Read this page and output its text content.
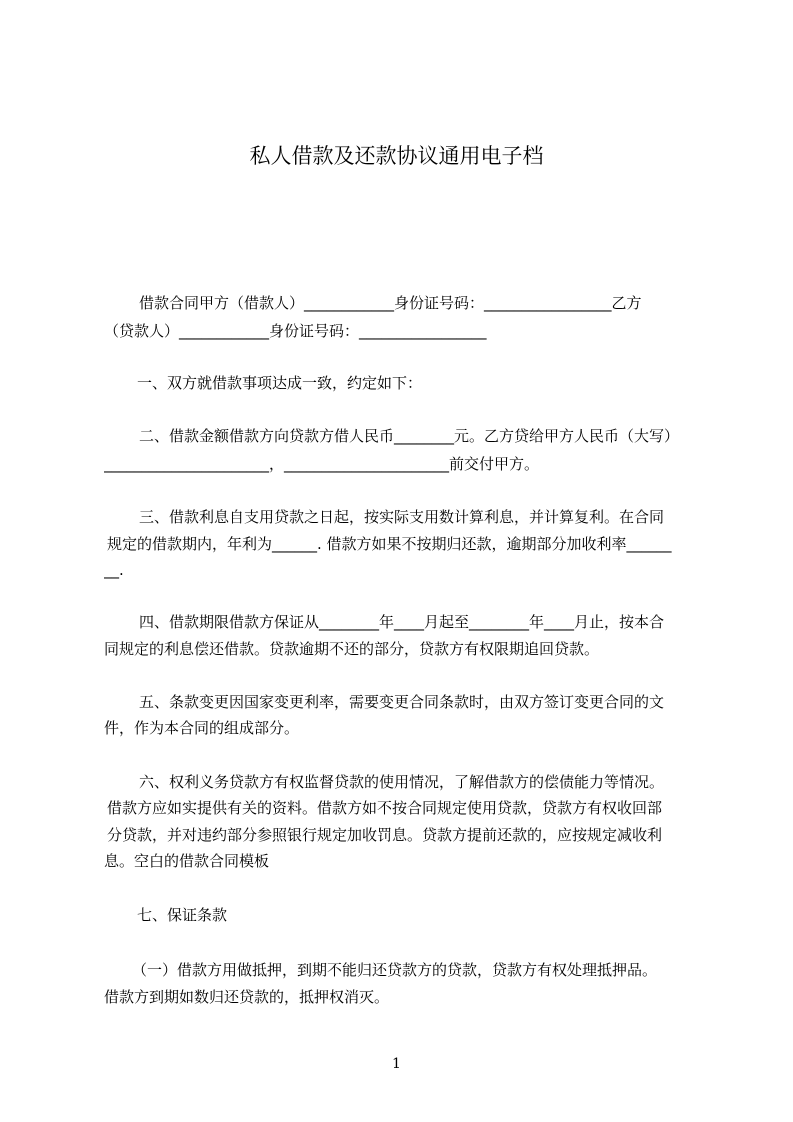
私人借款及还款协议通用电子档
借款合同甲方（借款人）____________身份证号码：_________________乙方
（贷款人）____________身份证号码：_________________
一、双方就借款事项达成一致，约定如下：
二、借款金额借款方向贷款方借人民币________元。乙方贷给甲方人民币（大写）
______________________，______________________前交付甲方。
三、借款利息自支用贷款之日起，按实际支用数计算利息，并计算复利。在合同
规定的借款期内，年利为______. 借款方如果不按期归还款，逾期部分加收利率______
__.
四、借款期限借款方保证从________年____月起至________年____月止，按本合
同规定的利息偿还借款。贷款逾期不还的部分，贷款方有权限期追回贷款。
五、条款变更因国家变更利率，需要变更合同条款时，由双方签订变更合同的文
件，作为本合同的组成部分。
六、权利义务贷款方有权监督贷款的使用情况，了解借款方的偿债能力等情况。
借款方应如实提供有关的资料。借款方如不按合同规定使用贷款，贷款方有权收回部
分贷款，并对违约部分参照银行规定加收罚息。贷款方提前还款的，应按规定减收利
息。空白的借款合同模板
七、保证条款
（一）借款方用做抵押，到期不能归还贷款方的贷款，贷款方有权处理抵押品。
借款方到期如数归还贷款的，抵押权消灭。
1
